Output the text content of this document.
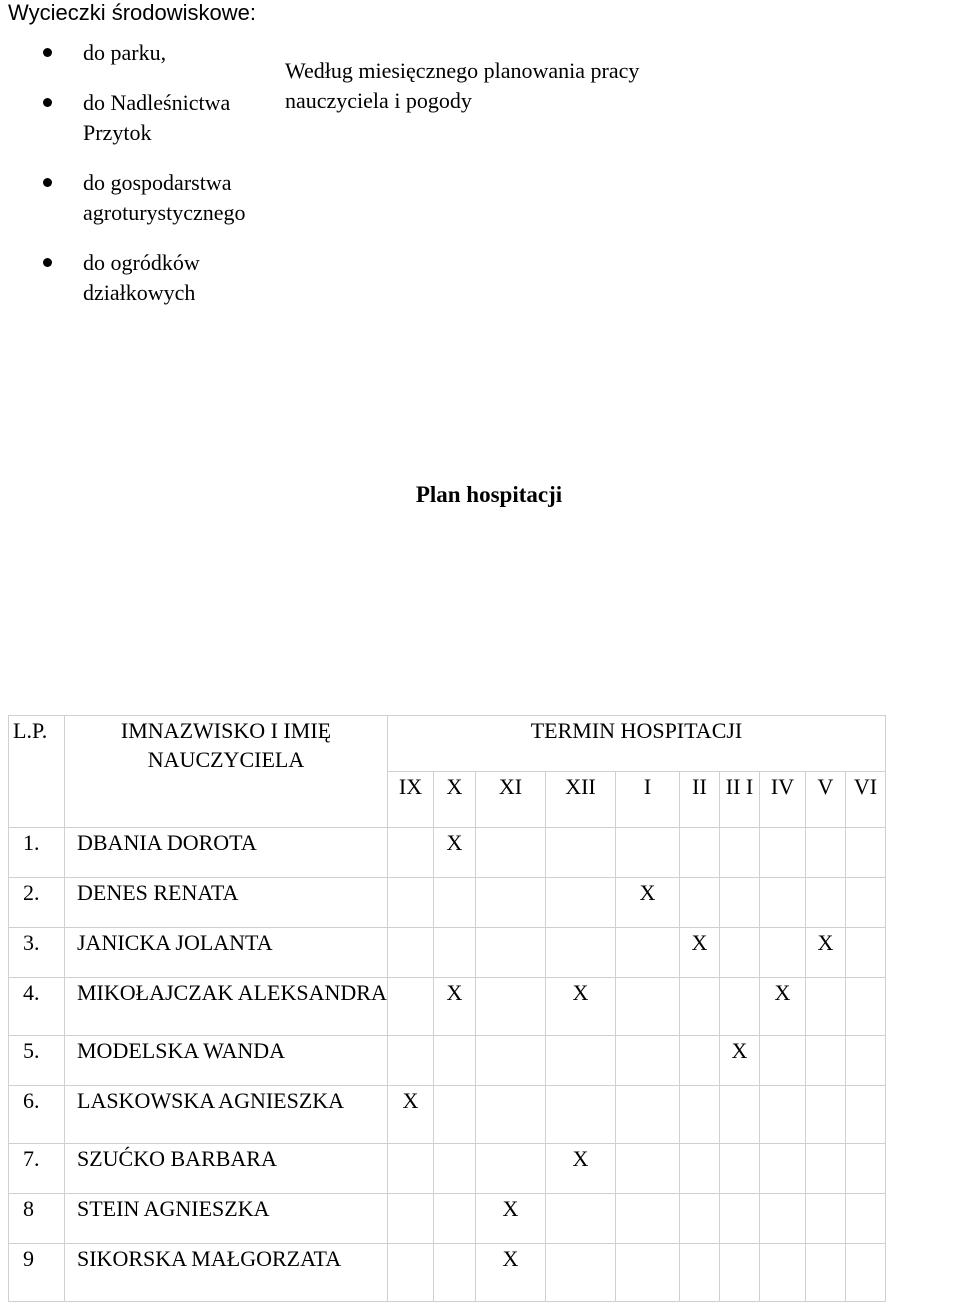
Wycieczki środowiskowe:
do parku,
do Nadleśnictwa Przytok
do gospodarstwa agroturystycznego
do ogródków działkowych
Według miesięcznego planowania pracy nauczyciela i pogody
Plan hospitacji
L.P.	IMNAZWISKO I IMIĘ NAUCZYCIELA	TERMIN HOSPITACJI									
		IX	X	XI	XII	I	II	II I	IV	V	VI
1.	DBANIA DOROTA		X								
2.	DENES RENATA					X					
3.	JANICKA JOLANTA						X			X	
4.	MIKOŁAJCZAK ALEKSANDRA		X		X				X		
5.	MODELSKA WANDA							X			
6.	LASKOWSKA AGNIESZKA	X									
7.	SZUĆKO BARBARA				X						
8	STEIN AGNIESZKA			X							
9	SIKORSKA MAŁGORZATA			X							
